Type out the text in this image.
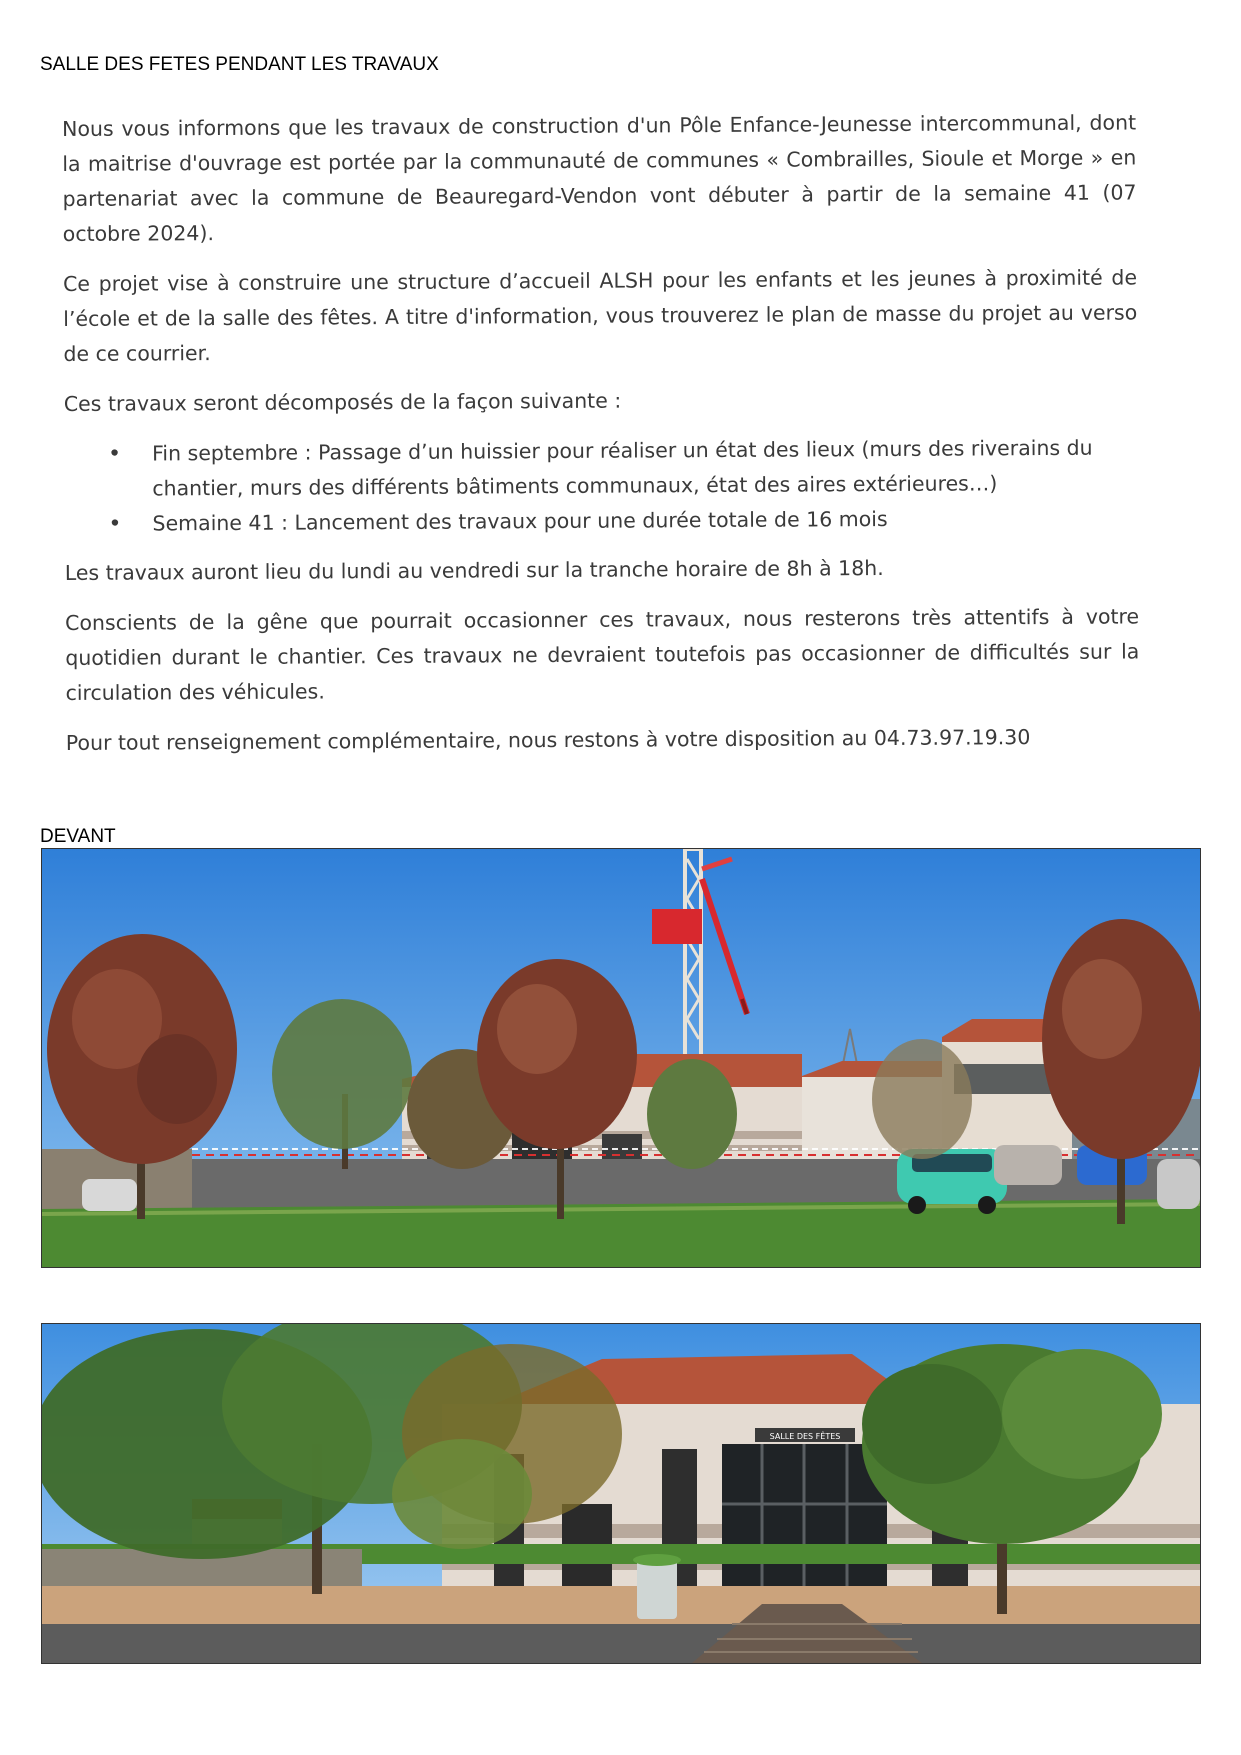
SALLE DES FETES PENDANT LES TRAVAUX

Nous vous informons que les travaux de construction d'un Pôle Enfance-Jeunesse intercommunal, dont la maitrise d'ouvrage est portée par la communauté de communes « Combrailles, Sioule et Morge » en partenariat avec la commune de Beauregard-Vendon vont débuter à partir de la semaine 41 (07 octobre 2024).

Ce projet vise à construire une structure d’accueil ALSH pour les enfants et les jeunes à proximité de l’école et de la salle des fêtes. A titre d'information, vous trouverez le plan de masse du projet au verso de ce courrier.

Ces travaux seront décomposés de la façon suivante :

• Fin septembre : Passage d’un huissier pour réaliser un état des lieux (murs des riverains du chantier, murs des différents bâtiments communaux, état des aires extérieures…)
• Semaine 41 : Lancement des travaux pour une durée totale de 16 mois

Les travaux auront lieu du lundi au vendredi sur la tranche horaire de 8h à 18h.

Conscients de la gêne que pourrait occasionner ces travaux, nous resterons très attentifs à votre quotidien durant le chantier. Ces travaux ne devraient toutefois pas occasionner de difficultés sur la circulation des véhicules.

Pour tout renseignement complémentaire, nous restons à votre disposition au 04.73.97.19.30

DEVANT
SALLE DES FÊTES
